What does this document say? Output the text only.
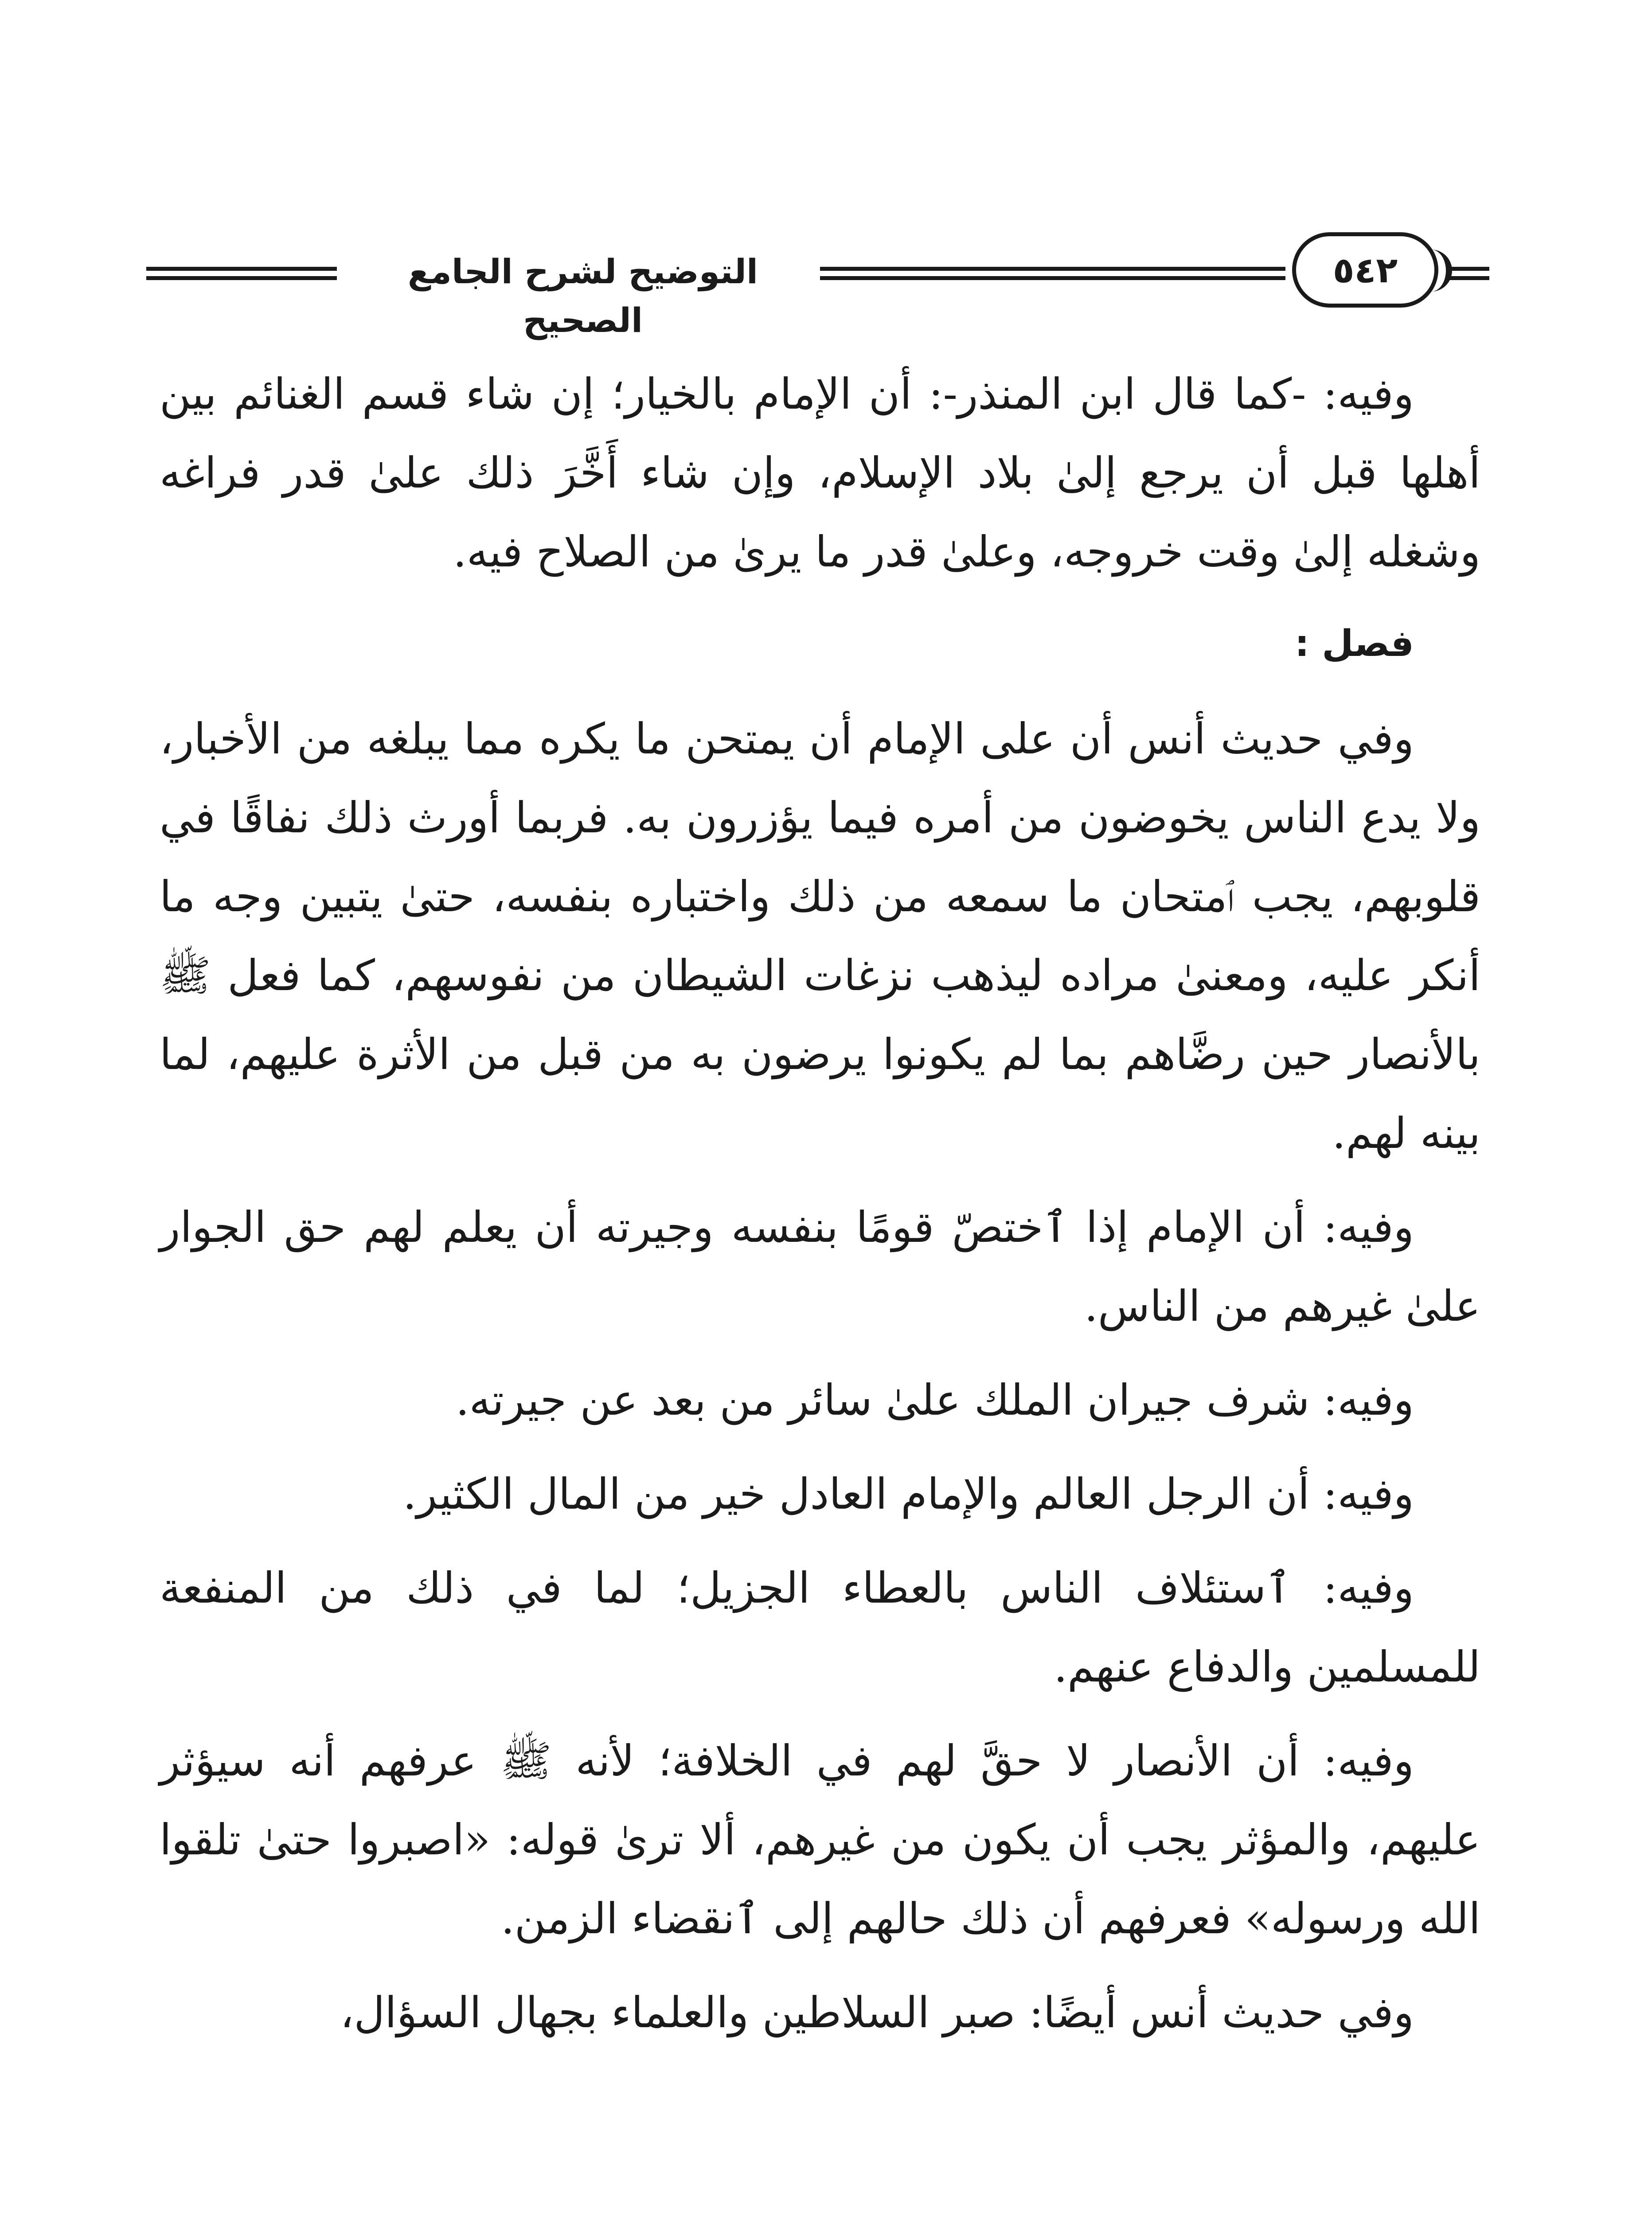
التوضيح لشرح الجامع الصحيح
٥٤٢

وفيه: -كما قال ابن المنذر-: أن الإمام بالخيار؛ إن شاء قسم الغنائم بين أهلها قبل أن يرجع إلىٰ بلاد الإسلام، وإن شاء أَخَّرَ ذلك علىٰ قدر فراغه وشغله إلىٰ وقت خروجه، وعلىٰ قدر ما يرىٰ من الصلاح فيه.

فصل :

وفي حديث أنس أن على الإمام أن يمتحن ما يكره مما يبلغه من الأخبار، ولا يدع الناس يخوضون من أمره فيما يؤزرون به. فربما أورث ذلك نفاقًا في قلوبهم، يجب ٱمتحان ما سمعه من ذلك واختباره بنفسه، حتىٰ يتبين وجه ما أنكر عليه، ومعنىٰ مراده ليذهب نزغات الشيطان من نفوسهم، كما فعل ﷺ بالأنصار حين رضَّاهم بما لم يكونوا يرضون به من قبل من الأثرة عليهم، لما بينه لهم.

وفيه: أن الإمام إذا ٱختصّ قومًا بنفسه وجيرته أن يعلم لهم حق الجوار علىٰ غيرهم من الناس.

وفيه: شرف جيران الملك علىٰ سائر من بعد عن جيرته.

وفيه: أن الرجل العالم والإمام العادل خير من المال الكثير.

وفيه: ٱستئلاف الناس بالعطاء الجزيل؛ لما في ذلك من المنفعة للمسلمين والدفاع عنهم.

وفيه: أن الأنصار لا حقَّ لهم في الخلافة؛ لأنه ﷺ عرفهم أنه سيؤثر عليهم، والمؤثر يجب أن يكون من غيرهم، ألا ترىٰ قوله: «اصبروا حتىٰ تلقوا الله ورسوله» فعرفهم أن ذلك حالهم إلى ٱنقضاء الزمن.

وفي حديث أنس أيضًا: صبر السلاطين والعلماء بجهال السؤال،
